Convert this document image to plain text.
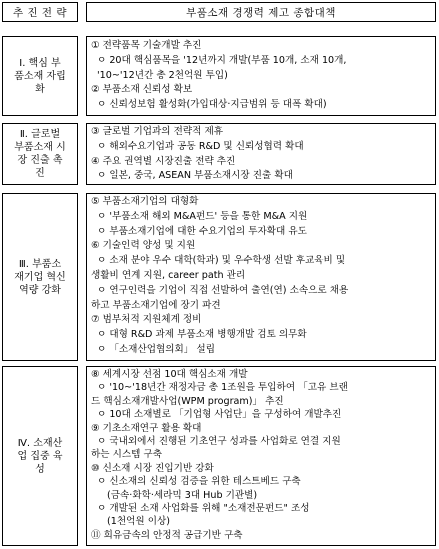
추 진 전 략	부품소재 경쟁력 제고 종합대책
Ⅰ. 핵심 부
품소재 자립
화
① 전략품목 기술개발 추진
ㅇ 20대 핵심품목을 '12년까지 개발(부품 10개, 소재 10개,
'10~'12년간 총 2천억원 투입)
② 부품소재 신뢰성 확보
ㅇ 신뢰성보험 활성화(가입대상·지급범위 등 대폭 확대)
Ⅱ. 글로벌
부품소재 시
장 진출 촉
진
③ 글로벌 기업과의 전략적 제휴
ㅇ 해외수요기업과 공동 R&D 및 신뢰성협력 확대
④ 주요 권역별 시장진출 전략 추진
ㅇ 일본, 중국, ASEAN 부품소재시장 진출 확대
Ⅲ. 부품소
재기업 혁신
역량 강화
⑤ 부품소재기업의 대형화
ㅇ '부품소재 해외 M&A펀드' 등을 통한 M&A 지원
ㅇ 부품소재기업에 대한 수요기업의 투자확대 유도
⑥ 기술인력 양성 및 지원
ㅇ 소재 분야 우수 대학(학과) 및 우수학생 선발 후교육비 및
생활비 연계 지원, career path 관리
ㅇ 연구인력을 기업이 직접 선발하여 출연(연) 소속으로 채용
하고 부품소재기업에 장기 파견
⑦ 범부처적 지원체계 정비
ㅇ 대형 R&D 과제 부품소재 병행개발 검토 의무화
ㅇ 「소재산업협의회」 설립
Ⅳ. 소재산
업 집중 육
성
⑧ 세계시장 선점 10대 핵심소재 개발
ㅇ '10~'18년간 재정자금 총 1조원을 투입하여 「고유 브랜
드 핵심소재개발사업(WPM program)」 추진
ㅇ 10대 소재별로 「기업형 사업단」을 구성하여 개발추진
⑨ 기초소재연구 활용 확대
ㅇ 국내외에서 진행된 기초연구 성과를 사업화로 연결 지원
하는 시스템 구축
⑩ 신소재 시장 진입기반 강화
ㅇ 신소재의 신뢰성 검증을 위한 테스트베드 구축
(금속·화학·세라믹 3대 Hub 기관별)
ㅇ 개발된 소재 사업화를 위해 "소재전문펀드" 조성
(1천억원 이상)
⑪ 희유금속의 안정적 공급기반 구축
